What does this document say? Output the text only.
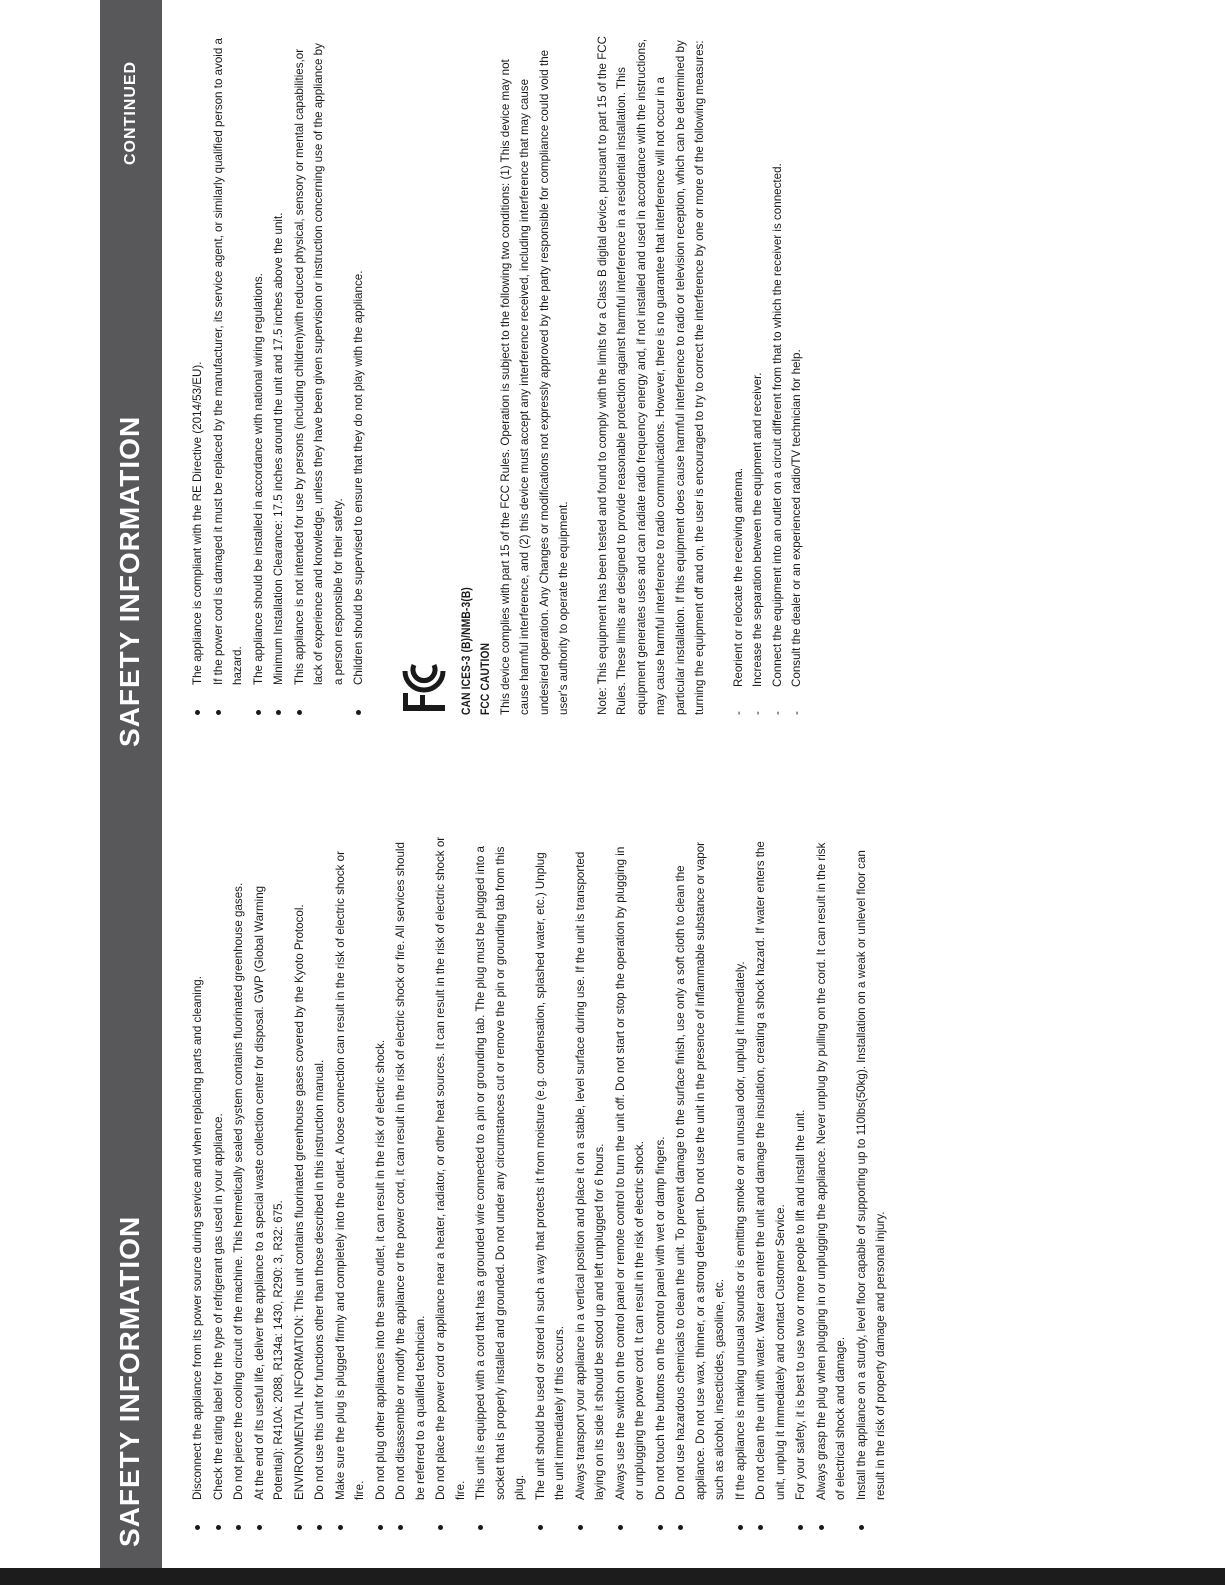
SAFETY INFORMATION
SAFETY INFORMATION
CONTINUED
Disconnect the appliance from its power source during service and when replacing parts and cleaning. Check the rating label for the type of refrigerant gas used in your appliance. Do not pierce the cooling circuit of the machine. This hermetically sealed system contains fluorinated greenhouse gases. At the end of its useful life, deliver the appliance to a special waste collection center for disposal. GWP (Global Warming Potential): R410A: 2088, R134a: 1430, R290: 3, R32: 675. ENVIRONMENTAL INFORMATION: This unit contains fluorinated greenhouse gases covered by the Kyoto Protocol. Do not use this unit for functions other than those described in this instruction manual. Make sure the plug is plugged firmly and completely into the outlet. A loose connection can result in the risk of electric shock or fire. Do not plug other appliances into the same outlet, it can result in the risk of electric shock. Do not disassemble or modify the appliance or the power cord, it can result in the risk of electric shock or fire. All services should be referred to a qualified technician. Do not place the power cord or appliance near a heater, radiator, or other heat sources. It can result in the risk of electric shock or fire. This unit is equipped with a cord that has a grounded wire connected to a pin or grounding tab. The plug must be plugged into a socket that is properly installed and grounded. Do not under any circumstances cut or remove the pin or grounding tab from this plug. The unit should be used or stored in such a way that protects it from moisture (e.g. condensation, splashed water, etc.) Unplug the unit immediately if this occurs. Always transport your appliance in a vertical position and place it on a stable, level surface during use. If the unit is transported laying on its side it should be stood up and left unplugged for 6 hours. Always use the switch on the control panel or remote control to turn the unit off. Do not start or stop the operation by plugging in or unplugging the power cord. It can result in the risk of electric shock. Do not touch the buttons on the control panel with wet or damp fingers. Do not use hazardous chemicals to clean the unit. To prevent damage to the surface finish, use only a soft cloth to clean the appliance. Do not use wax, thinner, or a strong detergent. Do not use the unit in the presence of inflammable substance or vapor such as alcohol, insecticides, gasoline, etc. If the appliance is making unusual sounds or is emitting smoke or an unusual odor, unplug it immediately. Do not clean the unit with water. Water can enter the unit and damage the insulation, creating a shock hazard. If water enters the unit, unplug it immediately and contact Customer Service. For your safety, it is best to use two or more people to lift and install the unit. Always grasp the plug when plugging in or unplugging the appliance. Never unplug by pulling on the cord. It can result in the risk of electrical shock and damage. Install the appliance on a sturdy, level floor capable of supporting up to 110lbs(50kg). Installation on a weak or unlevel floor can result in the risk of property damage and personal injury.
The appliance is compliant with the RE Directive (2014/53/EU). If the power cord is damaged it must be replaced by the manufacturer, its service agent, or similarly qualified person to avoid a hazard. The appliance should be installed in accordance with national wiring regulations. Minimum Installation Clearance: 17.5 inches around the unit and 17.5 inches above the unit. This appliance is not intended for use by persons (including children)with reduced physical, sensory or mental capabilities,or lack of experience and knowledge, unless they have been given supervision or instruction concerning use of the appliance by a person responsible for their safety. Children should be supervised to ensure that they do not play with the appliance.	CAN ICES-3 (B)/NMB-3(B) FCC CAUTION This device complies with part 15 of the FCC Rules. Operation is subject to the following two conditions: (1) This device may not cause harmful interference, and (2) this device must accept any interference received, including interference that may cause undesired operation. Any Changes or modifications not expressly approved by the party responsible for compliance could void the user's authority to operate the equipment.	Note: This equipment has been tested and found to comply with the limits for a Class B digital device, pursuant to part 15 of the FCC Rules. These limits are designed to provide reasonable protection against harmful interference in a residential installation. This equipment generates uses and can radiate radio frequency energy and, if not installed and used in accordance with the instructions, may cause harmful interference to radio communications. However, there is no guarantee that interference will not occur in a particular installation. If this equipment does cause harmful interference to radio or television reception, which can be determined by turning the equipment off and on, the user is encouraged to try to correct the interference by one or more of the following measures:	-
Reorient or relocate the receiving antenna.
-
Increase the separation between the equipment and receiver.
-
Connect the equipment into an outlet on a circuit different from that to which the receiver is connected.
-
Consult the dealer or an experienced radio/TV technician for help.
